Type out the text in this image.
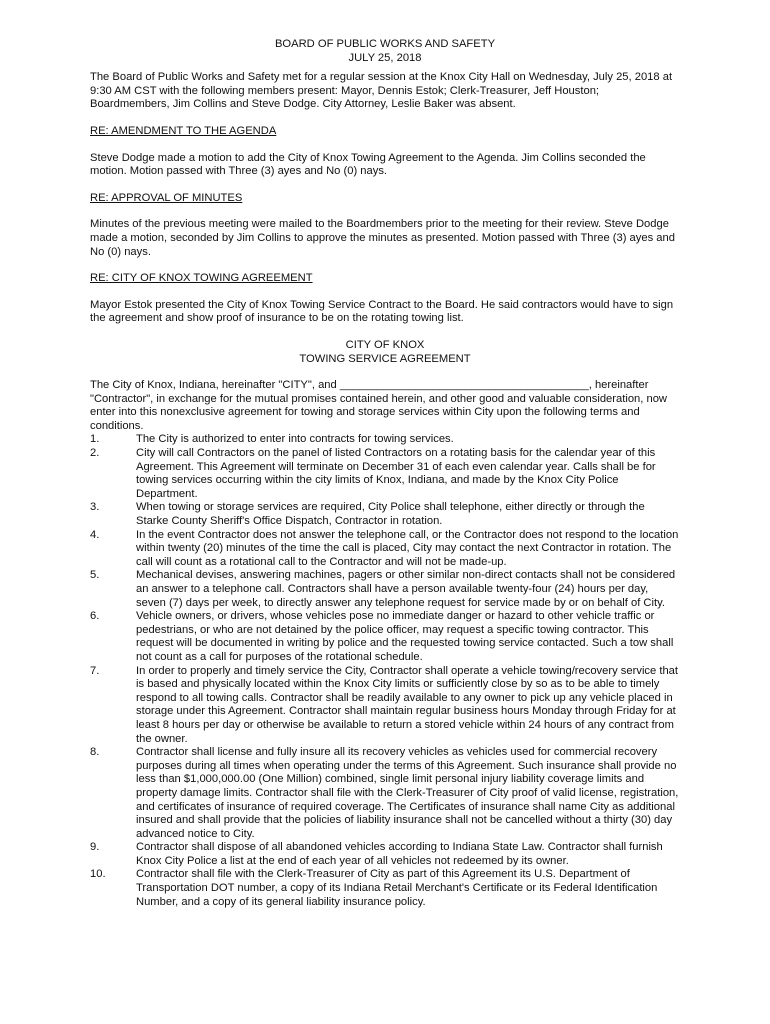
BOARD OF PUBLIC WORKS AND SAFETY
JULY 25, 2018

The Board of Public Works and Safety met for a regular session at the Knox City Hall on Wednesday, July 25, 2018 at 9:30 AM CST with the following members present: Mayor, Dennis Estok; Clerk-Treasurer, Jeff Houston; Boardmembers, Jim Collins and Steve Dodge. City Attorney, Leslie Baker was absent.

RE: AMENDMENT TO THE AGENDA

Steve Dodge made a motion to add the City of Knox Towing Agreement to the Agenda. Jim Collins seconded the motion. Motion passed with Three (3) ayes and No (0) nays.

RE: APPROVAL OF MINUTES

Minutes of the previous meeting were mailed to the Boardmembers prior to the meeting for their review. Steve Dodge made a motion, seconded by Jim Collins to approve the minutes as presented. Motion passed with Three (3) ayes and No (0) nays.

RE: CITY OF KNOX TOWING AGREEMENT

Mayor Estok presented the City of Knox Towing Service Contract to the Board. He said contractors would have to sign the agreement and show proof of insurance to be on the rotating towing list.

CITY OF KNOX
TOWING SERVICE AGREEMENT

The City of Knox, Indiana, hereinafter "CITY", and ________________________________________, hereinafter "Contractor", in exchange for the mutual promises contained herein, and other good and valuable consideration, now enter into this nonexclusive agreement for towing and storage services within City upon the following terms and conditions.

1.	The City is authorized to enter into contracts for towing services.
2.	City will call Contractors on the panel of listed Contractors on a rotating basis for the calendar year of this Agreement. This Agreement will terminate on December 31 of each even calendar year. Calls shall be for towing services occurring within the city limits of Knox, Indiana, and made by the Knox City Police Department.
3.	When towing or storage services are required, City Police shall telephone, either directly or through the Starke County Sheriff's Office Dispatch, Contractor in rotation.
4.	In the event Contractor does not answer the telephone call, or the Contractor does not respond to the location within twenty (20) minutes of the time the call is placed, City may contact the next Contractor in rotation. The call will count as a rotational call to the Contractor and will not be made-up.
5.	Mechanical devises, answering machines, pagers or other similar non-direct contacts shall not be considered an answer to a telephone call. Contractors shall have a person available twenty-four (24) hours per day, seven (7) days per week, to directly answer any telephone request for service made by or on behalf of City.
6.	Vehicle owners, or drivers, whose vehicles pose no immediate danger or hazard to other vehicle traffic or pedestrians, or who are not detained by the police officer, may request a specific towing contractor. This request will be documented in writing by police and the requested towing service contacted. Such a tow shall not count as a call for purposes of the rotational schedule.
7.	In order to properly and timely service the City, Contractor shall operate a vehicle towing/recovery service that is based and physically located within the Knox City limits or sufficiently close by so as to be able to timely respond to all towing calls. Contractor shall be readily available to any owner to pick up any vehicle placed in storage under this Agreement. Contractor shall maintain regular business hours Monday through Friday for at least 8 hours per day or otherwise be available to return a stored vehicle within 24 hours of any contract from the owner.
8.	Contractor shall license and fully insure all its recovery vehicles as vehicles used for commercial recovery purposes during all times when operating under the terms of this Agreement. Such insurance shall provide no less than $1,000,000.00 (One Million) combined, single limit personal injury liability coverage limits and property damage limits. Contractor shall file with the Clerk-Treasurer of City proof of valid license, registration, and certificates of insurance of required coverage. The Certificates of insurance shall name City as additional insured and shall provide that the policies of liability insurance shall not be cancelled without a thirty (30) day advanced notice to City.
9.	Contractor shall dispose of all abandoned vehicles according to Indiana State Law. Contractor shall furnish Knox City Police a list at the end of each year of all vehicles not redeemed by its owner.
10.	Contractor shall file with the Clerk-Treasurer of City as part of this Agreement its U.S. Department of Transportation DOT number, a copy of its Indiana Retail Merchant's Certificate or its Federal Identification Number, and a copy of its general liability insurance policy.
